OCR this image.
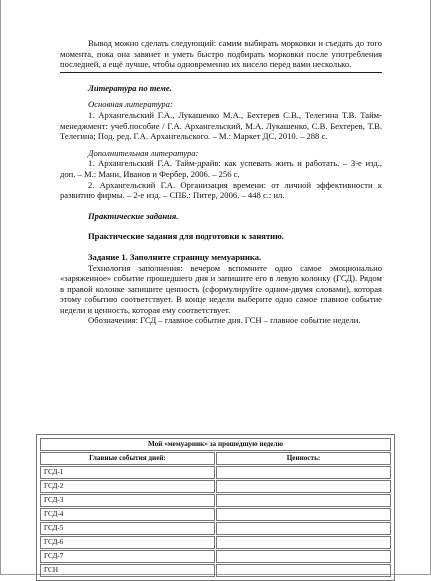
Вывод можно сделать следующий: самим выбирать морковки и съедать до того момента, пока она завянет и уметь быстро подбирать морковки после употребления последней, а ещё лучше, чтобы одновременно их висело перед вами несколько.

Литература по теме.

Основная литература:

1. Архангельский Г.А., Лукашенко М.А., Бехтерев С.В., Телегина Т.В. Тайм-менеджмент: учеб.пособие / Г.А. Архангельский, М.А. Лукашенко, С.В. Бехтерев, Т.В. Телегина; Под. ред. Г.А. Архангельского. – М.: Маркет ДС, 2010. – 288 с.

Дополнительная литература:

1. Архангельский Г.А. Тайм-драйв: как успевать жить и работать. – 3-е изд., доп. – М.: Манн, Иванов и Фербер, 2006. – 256 с.

2. Архангельский Г.А. Организация времени: от личной эффективности к развитию фирмы. – 2-е изд. – СПБ.: Питер, 2006. – 448 с.: ил.

Практические задания.

Практические задания для подготовки к занятию.

Задание 1. Заполните страницу мемуарника.

Технология заполнения: вечером вспомните одно самое эмоционально «заряженное» событие прошедшего дня и запишите его в левую колонку (ГСД). Рядом в правой колонке запишите ценность (сформулируйте одним-двумя словами), которая этому событию соответствует. В конце недели выберите одно самое главное событие недели и ценность, которая ему соответствует.

Обозначения: ГСД – главное событие дня. ГСН – главное событие недели.

Мой «мемуарник» за прошедшую неделю	
Главные события дней:	Ценность:
ГСД-1	
ГСД-2	
ГСД-3	
ГСД-4	
ГСД-5	
ГСД-6	
ГСД-7	
ГСН	
